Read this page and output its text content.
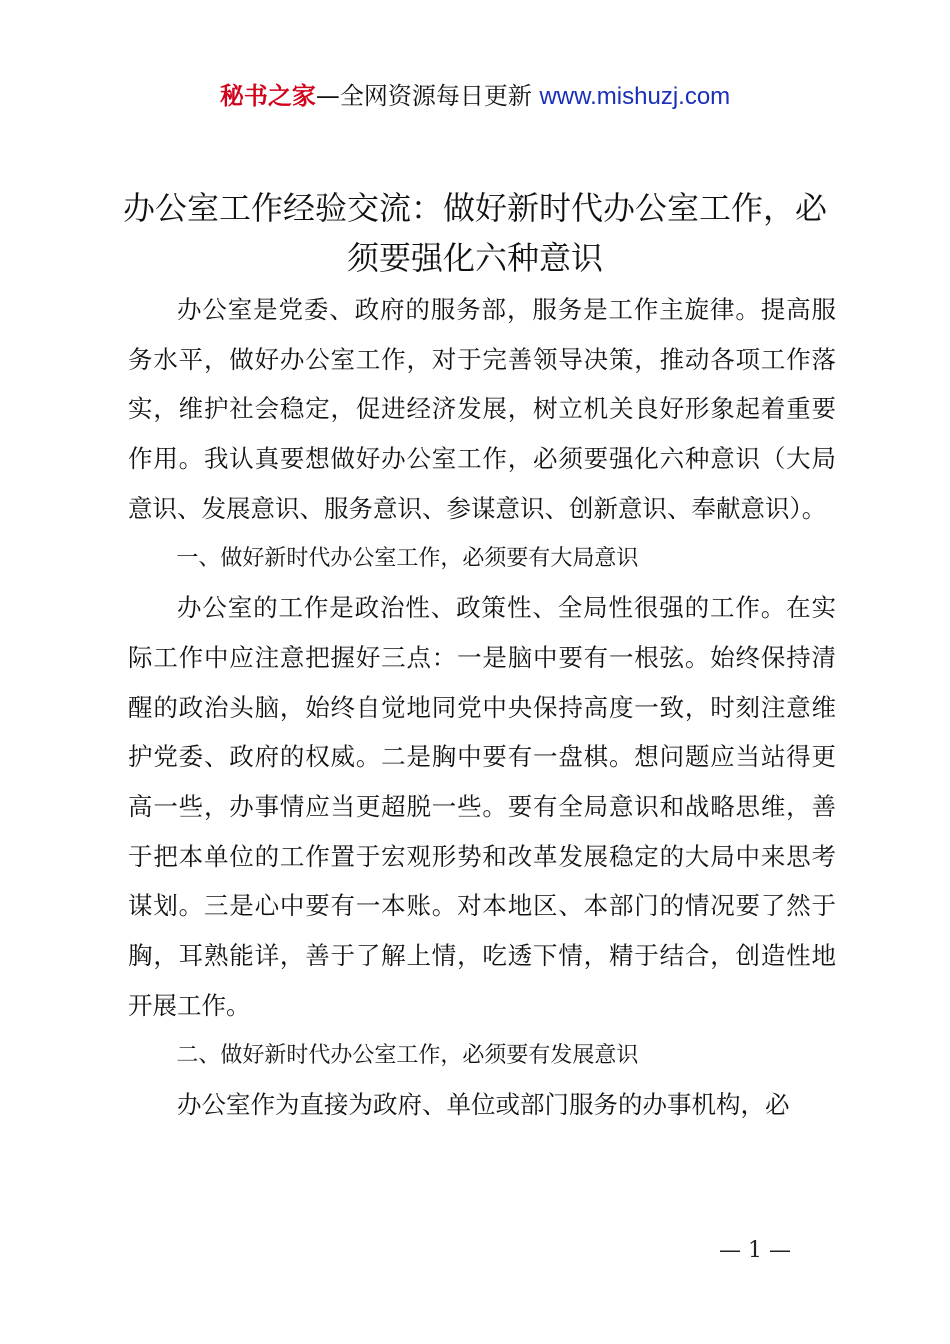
秘书之家—全网资源每日更新 www.mishuzj.com
办公室工作经验交流：做好新时代办公室工作，必须要强化六种意识

办公室是党委、政府的服务部，服务是工作主旋律。提高服务水平，做好办公室工作，对于完善领导决策，推动各项工作落实，维护社会稳定，促进经济发展，树立机关良好形象起着重要作用。我认真要想做好办公室工作，必须要强化六种意识（大局意识、发展意识、服务意识、参谋意识、创新意识、奉献意识）。

一、做好新时代办公室工作，必须要有大局意识

办公室的工作是政治性、政策性、全局性很强的工作。在实际工作中应注意把握好三点：一是脑中要有一根弦。始终保持清醒的政治头脑，始终自觉地同党中央保持高度一致，时刻注意维护党委、政府的权威。二是胸中要有一盘棋。想问题应当站得更高一些，办事情应当更超脱一些。要有全局意识和战略思维，善于把本单位的工作置于宏观形势和改革发展稳定的大局中来思考谋划。三是心中要有一本账。对本地区、本部门的情况要了然于胸，耳熟能详，善于了解上情，吃透下情，精于结合，创造性地开展工作。

二、做好新时代办公室工作，必须要有发展意识

办公室作为直接为政府、单位或部门服务的办事机构，必

— 1 —
